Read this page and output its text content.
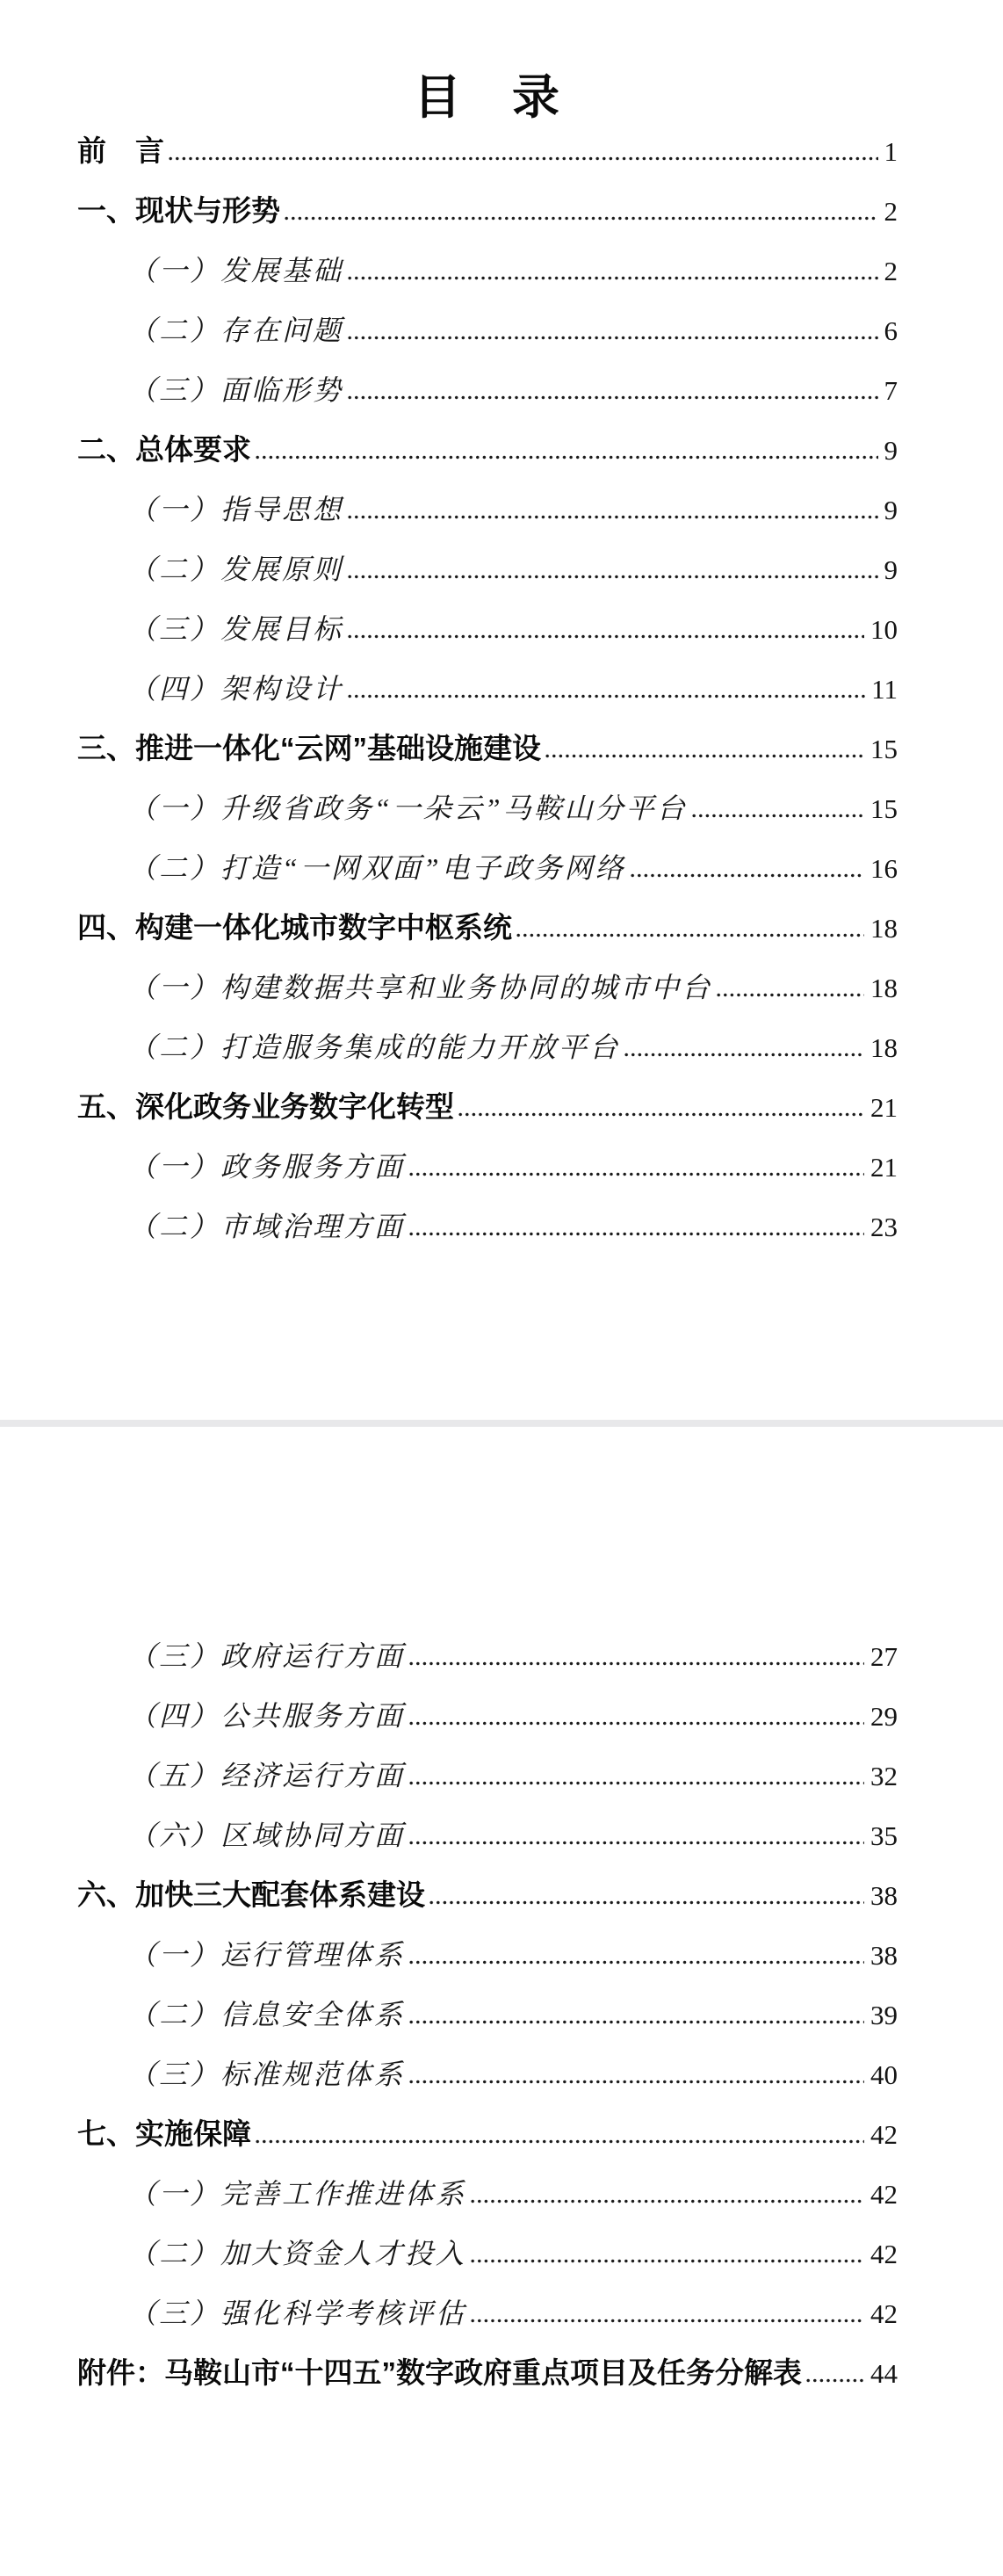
目　录
前　言	1
一、现状与形势	2
（一）发展基础	2
（二）存在问题	6
（三）面临形势	7
二、总体要求	9
（一）指导思想	9
（二）发展原则	9
（三）发展目标	10
（四）架构设计	11
三、推进一体化“云网”基础设施建设	15
（一）升级省政务“一朵云”马鞍山分平台	15
（二）打造“一网双面”电子政务网络	16
四、构建一体化城市数字中枢系统	18
（一）构建数据共享和业务协同的城市中台	18
（二）打造服务集成的能力开放平台	18
五、深化政务业务数字化转型	21
（一）政务服务方面	21
（二）市域治理方面	23
（三）政府运行方面	27
（四）公共服务方面	29
（五）经济运行方面	32
（六）区域协同方面	35
六、加快三大配套体系建设	38
（一）运行管理体系	38
（二）信息安全体系	39
（三）标准规范体系	40
七、实施保障	42
（一）完善工作推进体系	42
（二）加大资金人才投入	42
（三）强化科学考核评估	42
附件：马鞍山市“十四五”数字政府重点项目及任务分解表	44
